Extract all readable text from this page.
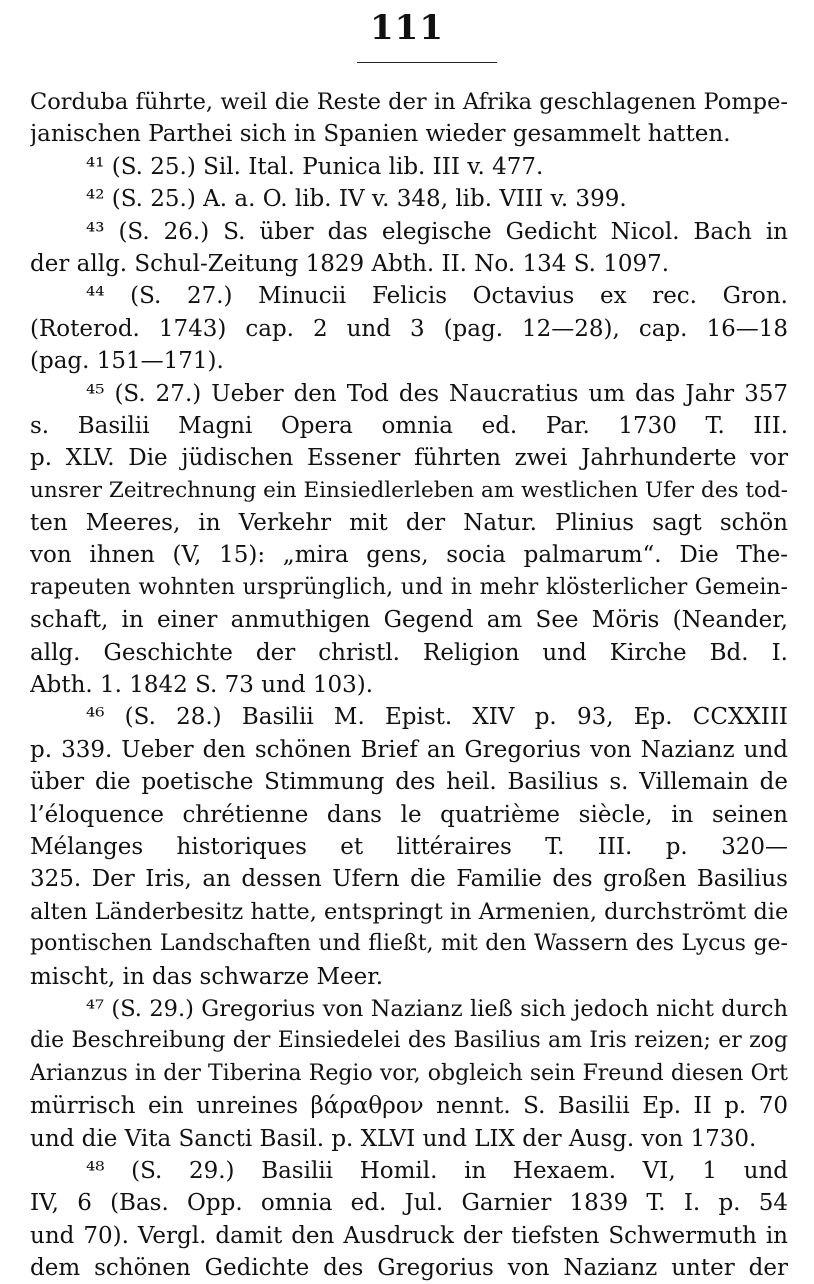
111
Corduba führte, weil die Reste der in Afrika geschlagenen Pompe-
janischen Parthei sich in Spanien wieder gesammelt hatten.
⁴¹ (S. 25.) Sil. Ital. Punica lib. III v. 477.
⁴² (S. 25.) A. a. O. lib. IV v. 348, lib. VIII v. 399.
⁴³ (S. 26.) S. über das elegische Gedicht Nicol. Bach in
der allg. Schul-Zeitung 1829 Abth. II. No. 134 S. 1097.
⁴⁴ (S. 27.) Minucii Felicis Octavius ex rec. Gron.
(Roterod. 1743) cap. 2 und 3 (pag. 12—28), cap. 16—18
(pag. 151—171).
⁴⁵ (S. 27.) Ueber den Tod des Naucratius um das Jahr 357
s. Basilii Magni Opera omnia ed. Par. 1730 T. III.
p. XLV. Die jüdischen Essener führten zwei Jahrhunderte vor
unsrer Zeitrechnung ein Einsiedlerleben am westlichen Ufer des tod-
ten Meeres, in Verkehr mit der Natur. Plinius sagt schön
von ihnen (V, 15): „mira gens, socia palmarum“. Die The-
rapeuten wohnten ursprünglich, und in mehr klösterlicher Gemein-
schaft, in einer anmuthigen Gegend am See Möris (Neander,
allg. Geschichte der christl. Religion und Kirche Bd. I.
Abth. 1. 1842 S. 73 und 103).
⁴⁶ (S. 28.) Basilii M. Epist. XIV p. 93, Ep. CCXXIII
p. 339. Ueber den schönen Brief an Gregorius von Nazianz und
über die poetische Stimmung des heil. Basilius s. Villemain de
l’éloquence chrétienne dans le quatrième siècle, in seinen
Mélanges historiques et littéraires T. III. p. 320—
325. Der Iris, an dessen Ufern die Familie des großen Basilius
alten Länderbesitz hatte, entspringt in Armenien, durchströmt die
pontischen Landschaften und fließt, mit den Wassern des Lycus ge-
mischt, in das schwarze Meer.
⁴⁷ (S. 29.) Gregorius von Nazianz ließ sich jedoch nicht durch
die Beschreibung der Einsiedelei des Basilius am Iris reizen; er zog
Arianzus in der Tiberina Regio vor, obgleich sein Freund diesen Ort
mürrisch ein unreines βάραθρον nennt. S. Basilii Ep. II p. 70
und die Vita Sancti Basil. p. XLVI und LIX der Ausg. von 1730.
⁴⁸ (S. 29.) Basilii Homil. in Hexaem. VI, 1 und
IV, 6 (Bas. Opp. omnia ed. Jul. Garnier 1839 T. I. p. 54
und 70). Vergl. damit den Ausdruck der tiefsten Schwermuth in
dem schönen Gedichte des Gregorius von Nazianz unter der
